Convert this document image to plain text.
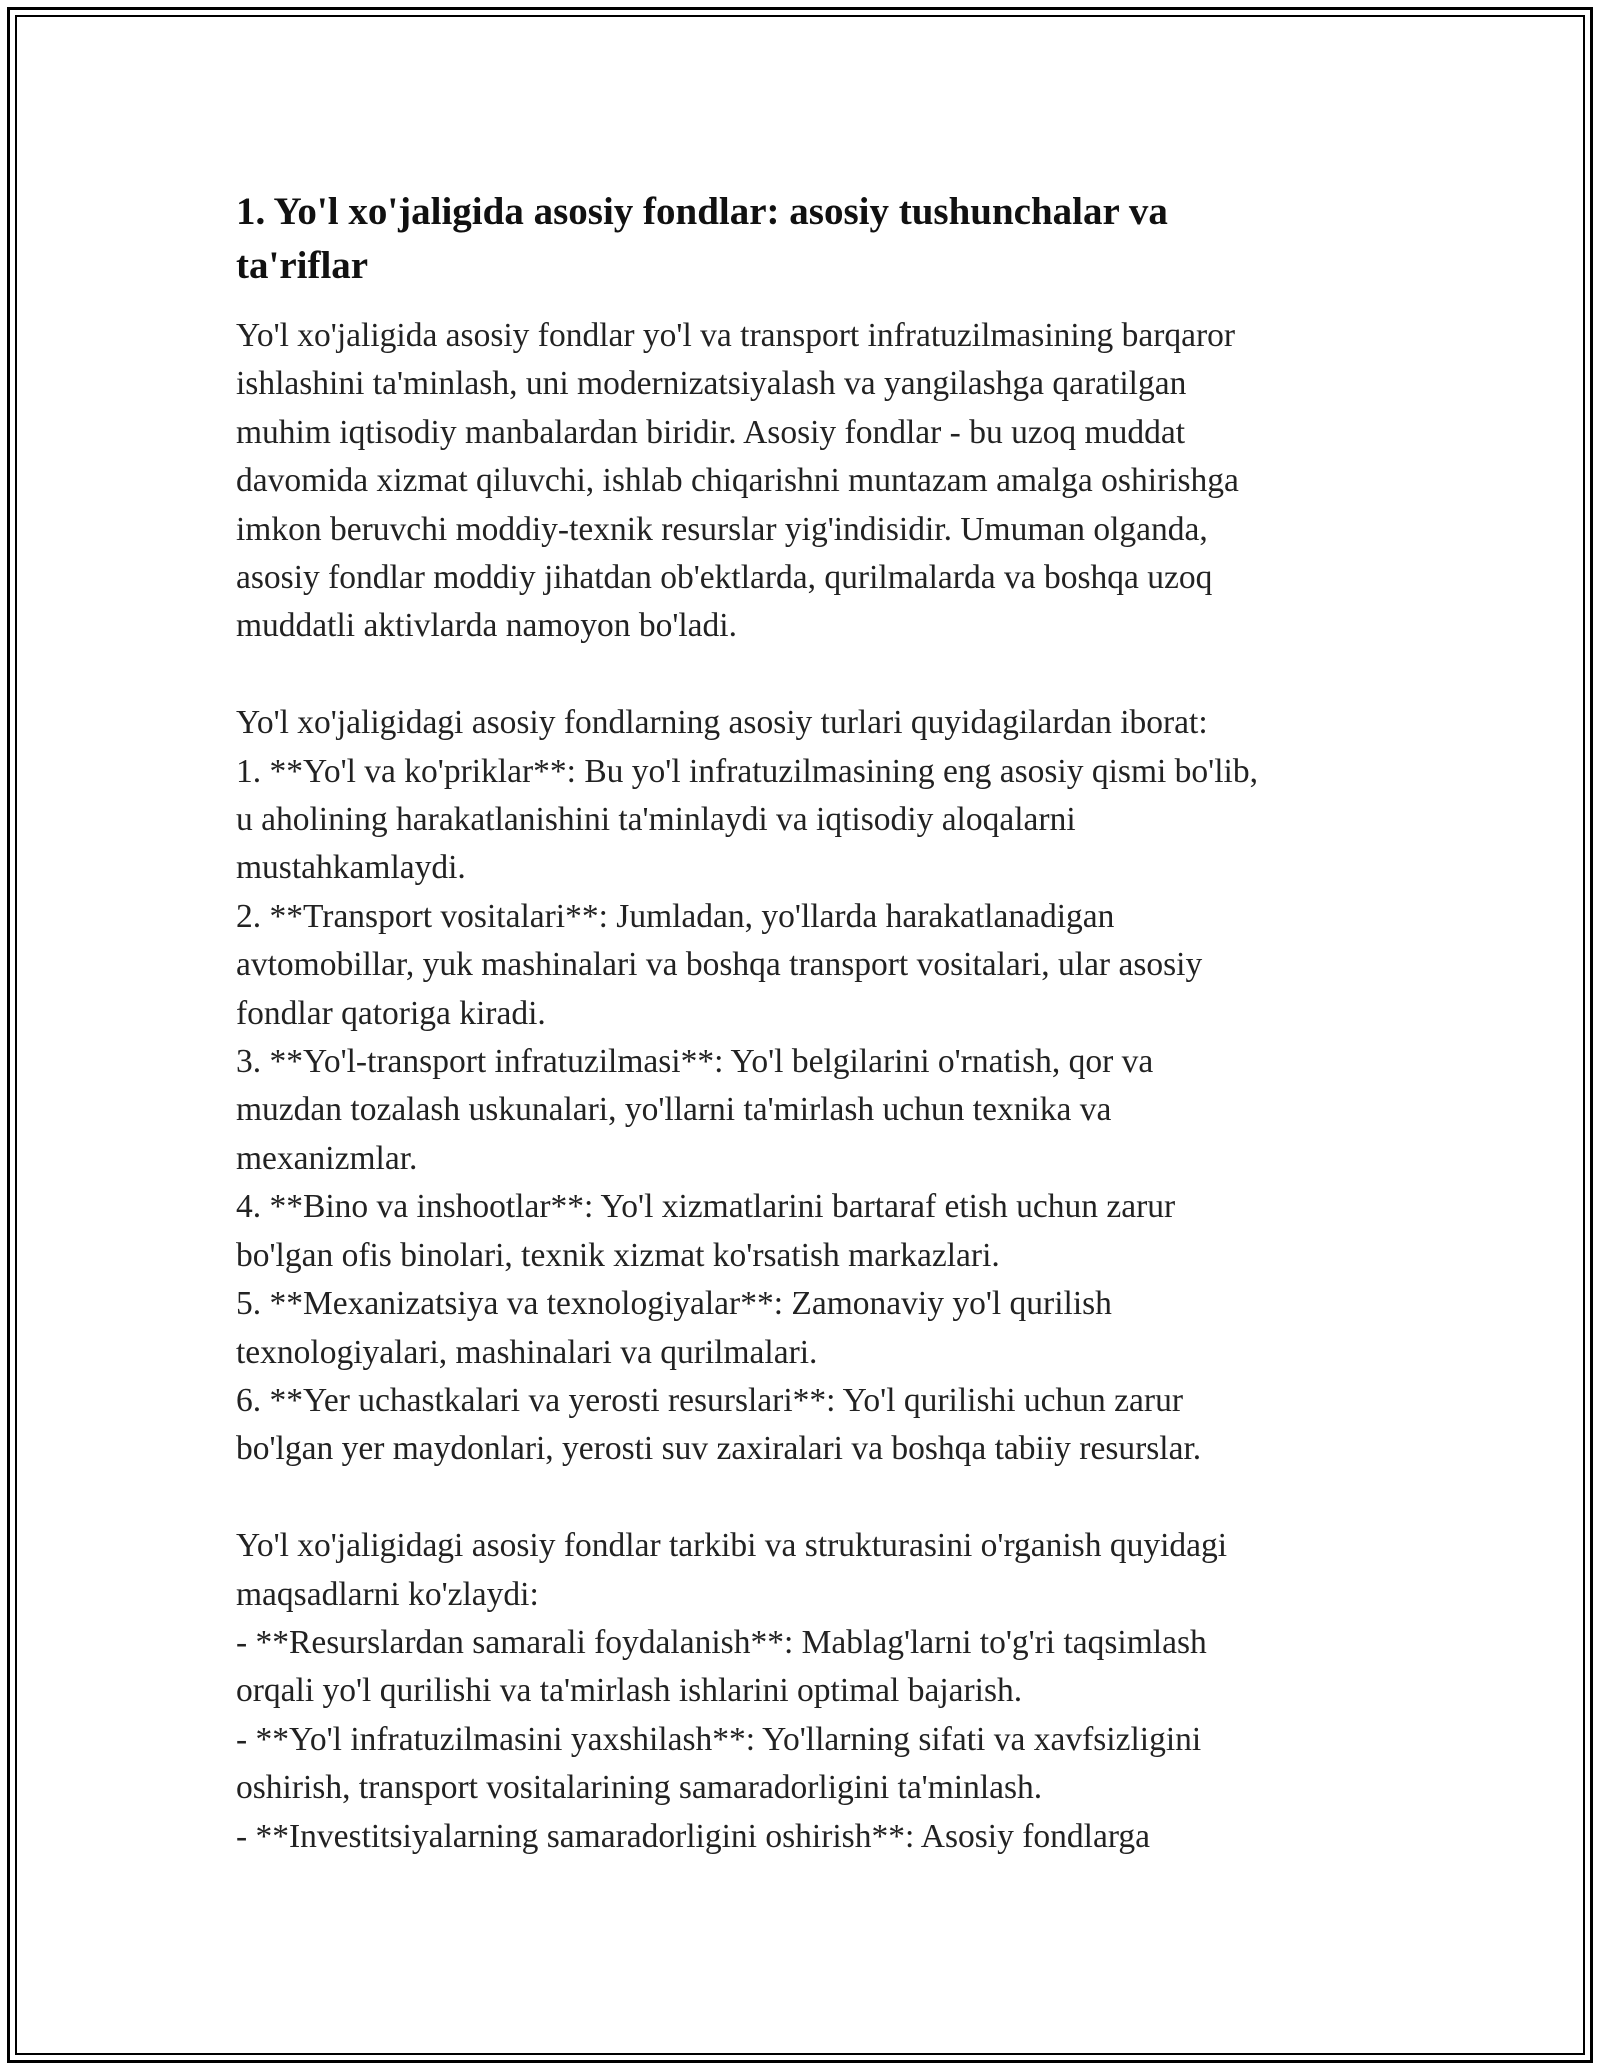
1. Yo'l xo'jaligida asosiy fondlar: asosiy tushunchalar va
ta'riflar
Yo'l xo'jaligida asosiy fondlar yo'l va transport infratuzilmasining barqaror
ishlashini ta'minlash, uni modernizatsiyalash va yangilashga qaratilgan
muhim iqtisodiy manbalardan biridir. Asosiy fondlar - bu uzoq muddat
davomida xizmat qiluvchi, ishlab chiqarishni muntazam amalga oshirishga
imkon beruvchi moddiy-texnik resurslar yig'indisidir. Umuman olganda,
asosiy fondlar moddiy jihatdan ob'ektlarda, qurilmalarda va boshqa uzoq
muddatli aktivlarda namoyon bo'ladi.
Yo'l xo'jaligidagi asosiy fondlarning asosiy turlari quyidagilardan iborat:
1. **Yo'l va ko'priklar**: Bu yo'l infratuzilmasining eng asosiy qismi bo'lib,
u aholining harakatlanishini ta'minlaydi va iqtisodiy aloqalarni
mustahkamlaydi.
2. **Transport vositalari**: Jumladan, yo'llarda harakatlanadigan
avtomobillar, yuk mashinalari va boshqa transport vositalari, ular asosiy
fondlar qatoriga kiradi.
3. **Yo'l-transport infratuzilmasi**: Yo'l belgilarini o'rnatish, qor va
muzdan tozalash uskunalari, yo'llarni ta'mirlash uchun texnika va
mexanizmlar.
4. **Bino va inshootlar**: Yo'l xizmatlarini bartaraf etish uchun zarur
bo'lgan ofis binolari, texnik xizmat ko'rsatish markazlari.
5. **Mexanizatsiya va texnologiyalar**: Zamonaviy yo'l qurilish
texnologiyalari, mashinalari va qurilmalari.
6. **Yer uchastkalari va yerosti resurslari**: Yo'l qurilishi uchun zarur
bo'lgan yer maydonlari, yerosti suv zaxiralari va boshqa tabiiy resurslar.
Yo'l xo'jaligidagi asosiy fondlar tarkibi va strukturasini o'rganish quyidagi
maqsadlarni ko'zlaydi:
- **Resurslardan samarali foydalanish**: Mablag'larni to'g'ri taqsimlash
orqali yo'l qurilishi va ta'mirlash ishlarini optimal bajarish.
- **Yo'l infratuzilmasini yaxshilash**: Yo'llarning sifati va xavfsizligini
oshirish, transport vositalarining samaradorligini ta'minlash.
- **Investitsiyalarning samaradorligini oshirish**: Asosiy fondlarga
